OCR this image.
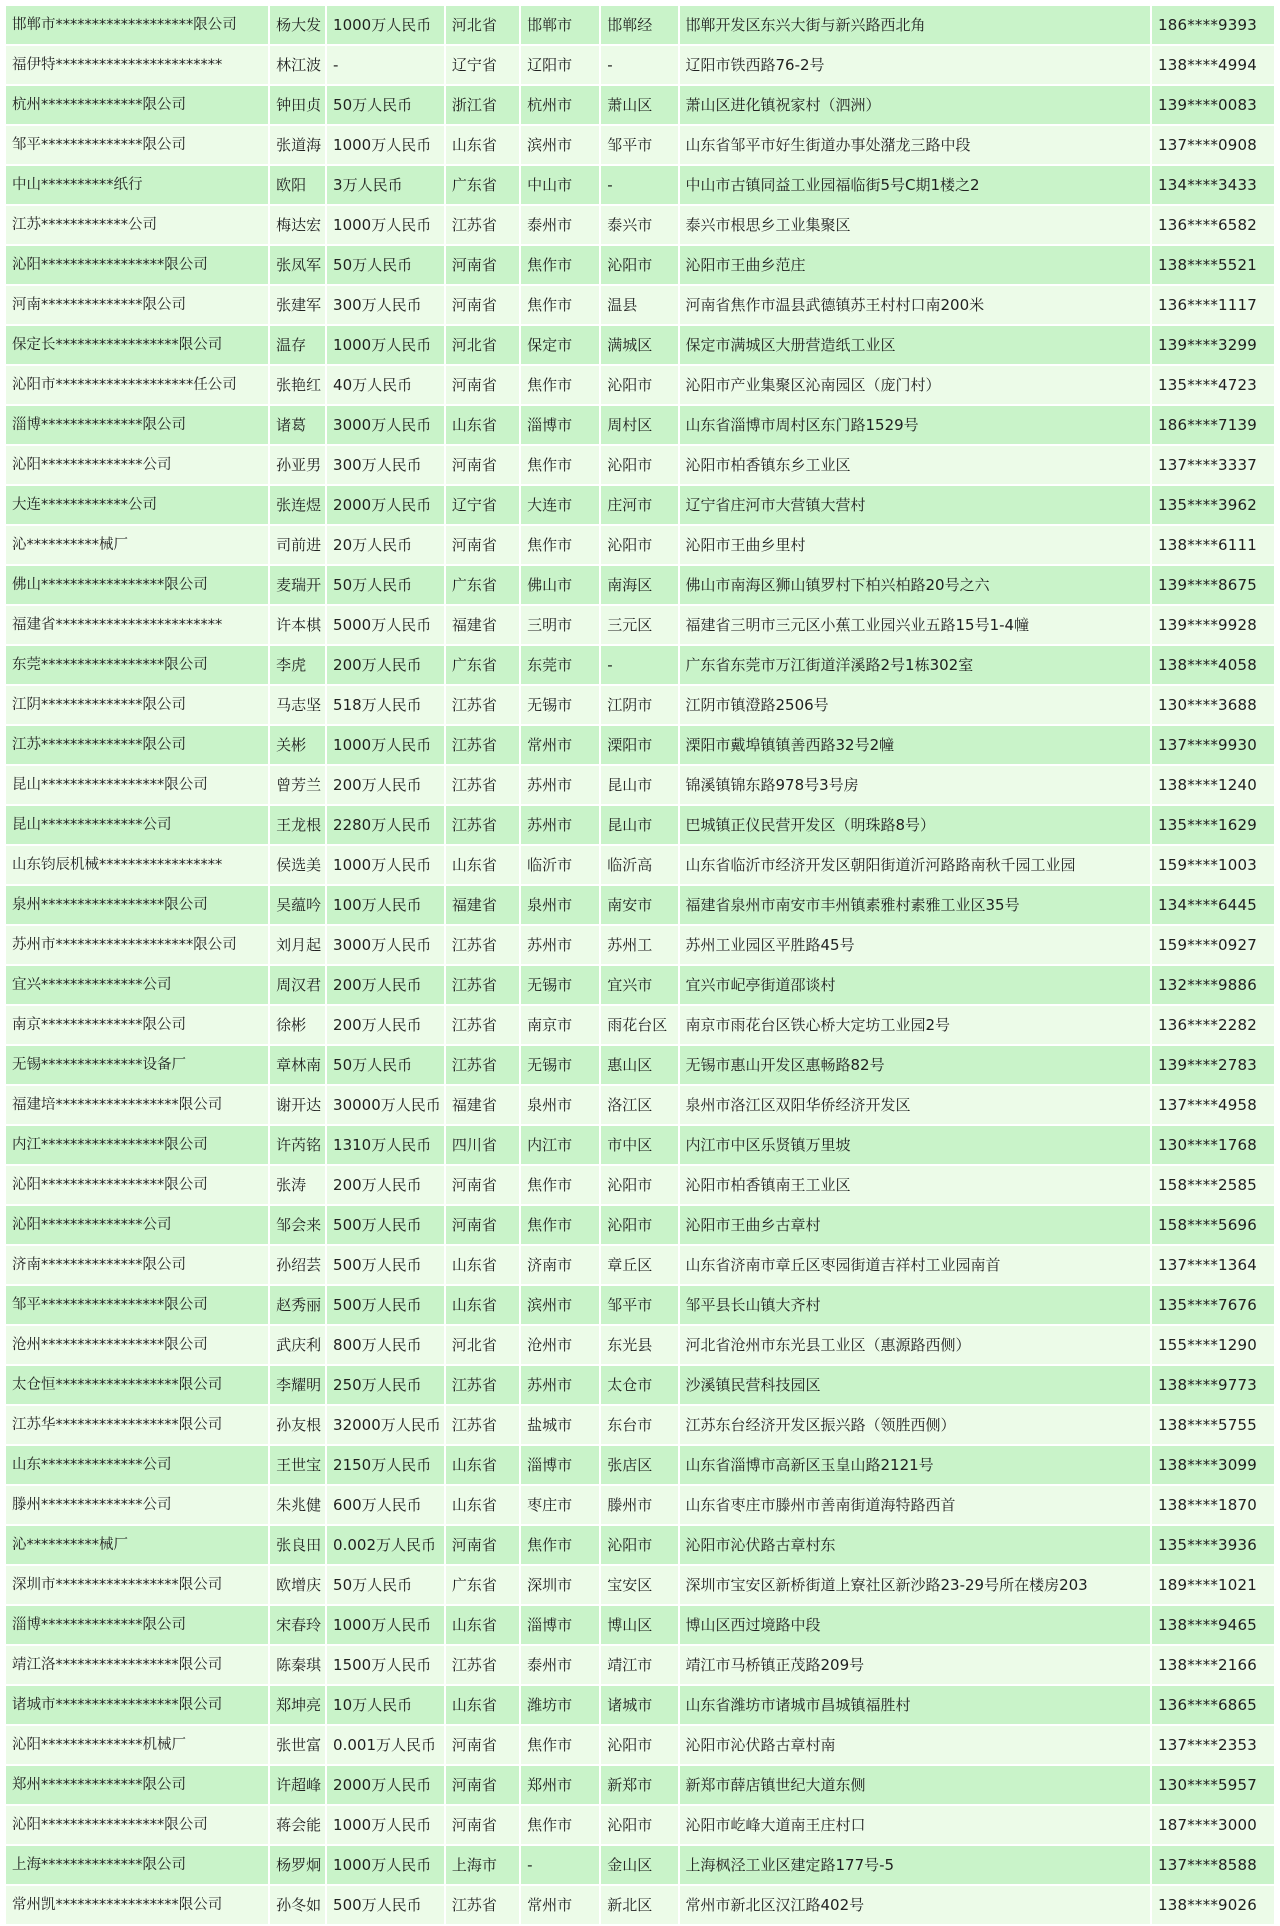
邯郸市*******************限公司	杨大发	1000万人民币	河北省	邯郸市	邯郸经	邯郸开发区东兴大街与新兴路西北角	186****9393
福伊特***********************	林江波	-	辽宁省	辽阳市	-	辽阳市铁西路76-2号	138****4994
杭州**************限公司	钟田贞	50万人民币	浙江省	杭州市	萧山区	萧山区进化镇祝家村（泗洲）	139****0083
邹平**************限公司	张道海	1000万人民币	山东省	滨州市	邹平市	山东省邹平市好生街道办事处潴龙三路中段	137****0908
中山**********纸行	欧阳	3万人民币	广东省	中山市	-	中山市古镇同益工业园福临街5号C期1楼之2	134****3433
江苏************公司	梅达宏	1000万人民币	江苏省	泰州市	泰兴市	泰兴市根思乡工业集聚区	136****6582
沁阳*****************限公司	张凤军	50万人民币	河南省	焦作市	沁阳市	沁阳市王曲乡范庄	138****5521
河南**************限公司	张建军	300万人民币	河南省	焦作市	温县	河南省焦作市温县武德镇苏王村村口南200米	136****1117
保定长*****************限公司	温存	1000万人民币	河北省	保定市	满城区	保定市满城区大册营造纸工业区	139****3299
沁阳市*******************任公司	张艳红	40万人民币	河南省	焦作市	沁阳市	沁阳市产业集聚区沁南园区（庞门村）	135****4723
淄博**************限公司	诸葛	3000万人民币	山东省	淄博市	周村区	山东省淄博市周村区东门路1529号	186****7139
沁阳**************公司	孙亚男	300万人民币	河南省	焦作市	沁阳市	沁阳市柏香镇东乡工业区	137****3337
大连************公司	张连煜	2000万人民币	辽宁省	大连市	庄河市	辽宁省庄河市大营镇大营村	135****3962
沁**********械厂	司前进	20万人民币	河南省	焦作市	沁阳市	沁阳市王曲乡里村	138****6111
佛山*****************限公司	麦瑞开	50万人民币	广东省	佛山市	南海区	佛山市南海区狮山镇罗村下柏兴柏路20号之六	139****8675
福建省***********************	许本棋	5000万人民币	福建省	三明市	三元区	福建省三明市三元区小蕉工业园兴业五路15号1-4幢	139****9928
东莞*****************限公司	李虎	200万人民币	广东省	东莞市	-	广东省东莞市万江街道洋溪路2号1栋302室	138****4058
江阴**************限公司	马志坚	518万人民币	江苏省	无锡市	江阴市	江阴市镇澄路2506号	130****3688
江苏**************限公司	关彬	1000万人民币	江苏省	常州市	溧阳市	溧阳市戴埠镇镇善西路32号2幢	137****9930
昆山*****************限公司	曾芳兰	200万人民币	江苏省	苏州市	昆山市	锦溪镇锦东路978号3号房	138****1240
昆山**************公司	王龙根	2280万人民币	江苏省	苏州市	昆山市	巴城镇正仪民营开发区（明珠路8号）	135****1629
山东钧辰机械*****************	侯选美	1000万人民币	山东省	临沂市	临沂高	山东省临沂市经济开发区朝阳街道沂河路路南秋千园工业园	159****1003
泉州*****************限公司	吴蕴吟	100万人民币	福建省	泉州市	南安市	福建省泉州市南安市丰州镇素雅村素雅工业区35号	134****6445
苏州市*******************限公司	刘月起	3000万人民币	江苏省	苏州市	苏州工	苏州工业园区平胜路45号	159****0927
宜兴**************公司	周汉君	200万人民币	江苏省	无锡市	宜兴市	宜兴市屺亭街道邵谈村	132****9886
南京**************限公司	徐彬	200万人民币	江苏省	南京市	雨花台区	南京市雨花台区铁心桥大定坊工业园2号	136****2282
无锡**************设备厂	章林南	50万人民币	江苏省	无锡市	惠山区	无锡市惠山开发区惠畅路82号	139****2783
福建培*****************限公司	谢开达	30000万人民币	福建省	泉州市	洛江区	泉州市洛江区双阳华侨经济开发区	137****4958
内江*****************限公司	许芮铭	1310万人民币	四川省	内江市	市中区	内江市中区乐贤镇万里坡	130****1768
沁阳*****************限公司	张涛	200万人民币	河南省	焦作市	沁阳市	沁阳市柏香镇南王工业区	158****2585
沁阳**************公司	邹会来	500万人民币	河南省	焦作市	沁阳市	沁阳市王曲乡古章村	158****5696
济南**************限公司	孙绍芸	500万人民币	山东省	济南市	章丘区	山东省济南市章丘区枣园街道吉祥村工业园南首	137****1364
邹平*****************限公司	赵秀丽	500万人民币	山东省	滨州市	邹平市	邹平县长山镇大齐村	135****7676
沧州*****************限公司	武庆利	800万人民币	河北省	沧州市	东光县	河北省沧州市东光县工业区（惠源路西侧）	155****1290
太仓恒*****************限公司	李耀明	250万人民币	江苏省	苏州市	太仓市	沙溪镇民营科技园区	138****9773
江苏华*****************限公司	孙友根	32000万人民币	江苏省	盐城市	东台市	江苏东台经济开发区振兴路（领胜西侧）	138****5755
山东**************公司	王世宝	2150万人民币	山东省	淄博市	张店区	山东省淄博市高新区玉皇山路2121号	138****3099
滕州**************公司	朱兆健	600万人民币	山东省	枣庄市	滕州市	山东省枣庄市滕州市善南街道海特路西首	138****1870
沁**********械厂	张良田	0.002万人民币	河南省	焦作市	沁阳市	沁阳市沁伏路古章村东	135****3936
深圳市*****************限公司	欧增庆	50万人民币	广东省	深圳市	宝安区	深圳市宝安区新桥街道上寮社区新沙路23-29号所在楼房203	189****1021
淄博**************限公司	宋春玲	1000万人民币	山东省	淄博市	博山区	博山区西过境路中段	138****9465
靖江洛*****************限公司	陈秦琪	1500万人民币	江苏省	泰州市	靖江市	靖江市马桥镇正茂路209号	138****2166
诸城市*****************限公司	郑坤亮	10万人民币	山东省	潍坊市	诸城市	山东省潍坊市诸城市昌城镇福胜村	136****6865
沁阳**************机械厂	张世富	0.001万人民币	河南省	焦作市	沁阳市	沁阳市沁伏路古章村南	137****2353
郑州**************限公司	许超峰	2000万人民币	河南省	郑州市	新郑市	新郑市薛店镇世纪大道东侧	130****5957
沁阳*****************限公司	蒋会能	1000万人民币	河南省	焦作市	沁阳市	沁阳市屹峰大道南王庄村口	187****3000
上海**************限公司	杨罗炯	1000万人民币	上海市	-	金山区	上海枫泾工业区建定路177号-5	137****8588
常州凯*****************限公司	孙冬如	500万人民币	江苏省	常州市	新北区	常州市新北区汉江路402号	138****9026
